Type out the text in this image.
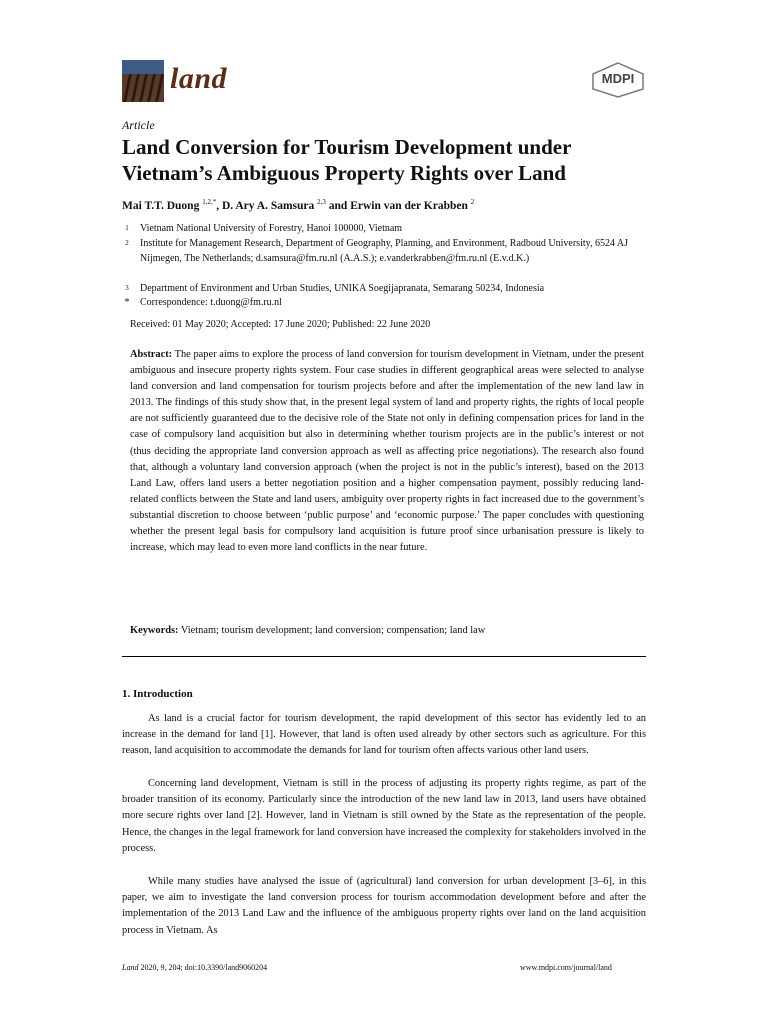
land	MDPI
Article
Land Conversion for Tourism Development under
Vietnam’s Ambiguous Property Rights over Land
Mai T.T. Duong $^{1,2,*}$, D. Ary A. Samsura $^{2,3}$ and Erwin van der Krabben $^2$
1	Vietnam National University of Forestry, Hanoi 100000, Vietnam
2	Institute for Management Research, Department of Geography, Planning, and Environment, Radboud University, 6524 AJ Nijmegen, The Netherlands; d.samsura@fm.ru.nl (A.A.S.); e.vanderkrabben@fm.ru.nl (E.v.d.K.)
3	Department of Environment and Urban Studies, UNIKA Soegijapranata, Semarang 50234, Indonesia
* Correspondence: t.duong@fm.ru.nl
Received: 01 May 2020; Accepted: 17 June 2020; Published: 22 June 2020
Abstract: The paper aims to explore the process of land conversion for tourism development in Vietnam, under the present ambiguous and insecure property rights system. Four case studies in different geographical areas were selected to analyse land conversion and land compensation for tourism projects before and after the implementation of the new land law in 2013. The findings of this study show that, in the present legal system of land and property rights, the rights of local people are not sufficiently guaranteed due to the decisive role of the State not only in defining compensation prices for land in the case of compulsory land acquisition but also in determining whether tourism projects are in the public’s interest or not (thus deciding the appropriate land conversion approach as well as affecting price negotiations). The research also found that, although a voluntary land conversion approach (when the project is not in the public’s interest), based on the 2013 Land Law, offers land users a better negotiation position and a higher compensation payment, possibly reducing land-related conflicts between the State and land users, ambiguity over property rights in fact increased due to the government’s substantial discretion to choose between ‘public purpose’ and ‘economic purpose.’ The paper concludes with questioning whether the present legal basis for compulsory land acquisition is future proof since urbanisation pressure is likely to increase, which may lead to even more land conflicts in the near future.
Keywords: Vietnam; tourism development; land conversion; compensation; land law
1. Introduction
As land is a crucial factor for tourism development, the rapid development of this sector has evidently led to an increase in the demand for land [1]. However, that land is often used already by other sectors such as agriculture. For this reason, land acquisition to accommodate the demands for land for tourism often affects various other land users.
Concerning land development, Vietnam is still in the process of adjusting its property rights regime, as part of the broader transition of its economy. Particularly since the introduction of the new land law in 2013, land users have obtained more secure rights over land [2]. However, land in Vietnam is still owned by the State as the representation of the people. Hence, the changes in the legal framework for land conversion have increased the complexity for stakeholders involved in the process.
While many studies have analysed the issue of (agricultural) land conversion for urban development [3–6], in this paper, we aim to investigate the land conversion process for tourism accommodation development before and after the implementation of the 2013 Land Law and the influence of the ambiguous property rights over land on the land acquisition process in Vietnam. As
Land 2020, 9, 204; doi:10.3390/land9060204	www.mdpi.com/journal/land
